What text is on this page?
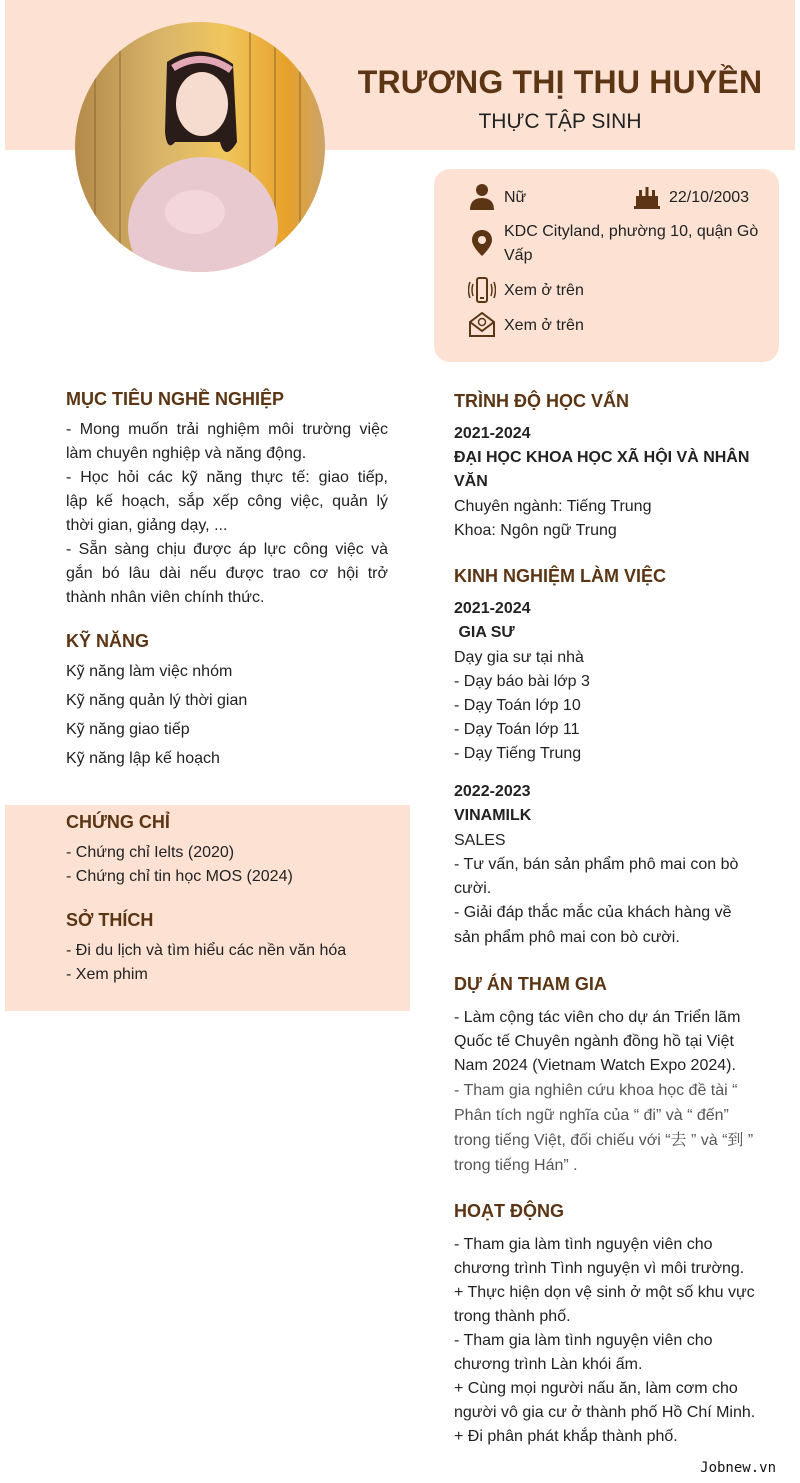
TRƯƠNG THỊ THU HUYỀN
THỰC TẬP SINH
Nữ	22/10/2003
KDC Cityland, phường 10, quận Gò
Vấp
Xem ở trên
Xem ở trên
MỤC TIÊU NGHỀ NGHIỆP
- Mong muốn trải nghiệm môi trường việc
làm chuyên nghiệp và năng động.
- Học hỏi các kỹ năng thực tế: giao tiếp,
lập kế hoạch, sắp xếp công việc, quản lý
thời gian, giảng dạy, ...
- Sẵn sàng chịu được áp lực công việc và
gắn bó lâu dài nếu được trao cơ hội trở
thành nhân viên chính thức.
KỸ NĂNG
Kỹ năng làm việc nhóm
Kỹ năng quản lý thời gian
Kỹ năng giao tiếp
Kỹ năng lập kế hoạch
CHỨNG CHỈ
- Chứng chỉ Ielts (2020)
- Chứng chỉ tin học MOS (2024)
SỞ THÍCH
- Đi du lịch và tìm hiểu các nền văn hóa
- Xem phim
TRÌNH ĐỘ HỌC VẤN
2021-2024
ĐẠI HỌC KHOA HỌC XÃ HỘI VÀ NHÂN
VĂN
Chuyên ngành: Tiếng Trung
Khoa: Ngôn ngữ Trung
KINH NGHIỆM LÀM VIỆC
2021-2024
GIA SƯ
Dạy gia sư tại nhà
- Dạy báo bài lớp 3
- Dạy Toán lớp 10
- Dạy Toán lớp 11
- Dạy Tiếng Trung
2022-2023
VINAMILK
SALES
- Tư vấn, bán sản phẩm phô mai con bò
cười.
- Giải đáp thắc mắc của khách hàng về
sản phẩm phô mai con bò cười.
DỰ ÁN THAM GIA
- Làm cộng tác viên cho dự án Triển lãm
Quốc tế Chuyên ngành đồng hồ tại Việt
Nam 2024 (Vietnam Watch Expo 2024).
- Tham gia nghiên cứu khoa học đề tài “
Phân tích ngữ nghĩa của “ đi” và “ đến”
trong tiếng Việt, đối chiếu với “去 ” và “到 ”
trong tiếng Hán” .
HOẠT ĐỘNG
- Tham gia làm tình nguyện viên cho
chương trình Tình nguyện vì môi trường.
+ Thực hiện dọn vệ sinh ở một số khu vực
trong thành phố.
- Tham gia làm tình nguyện viên cho
chương trình Làn khói ấm.
+ Cùng mọi người nấu ăn, làm cơm cho
người vô gia cư ở thành phố Hồ Chí Minh.
+ Đi phân phát khắp thành phố.
Jobnew.vn
